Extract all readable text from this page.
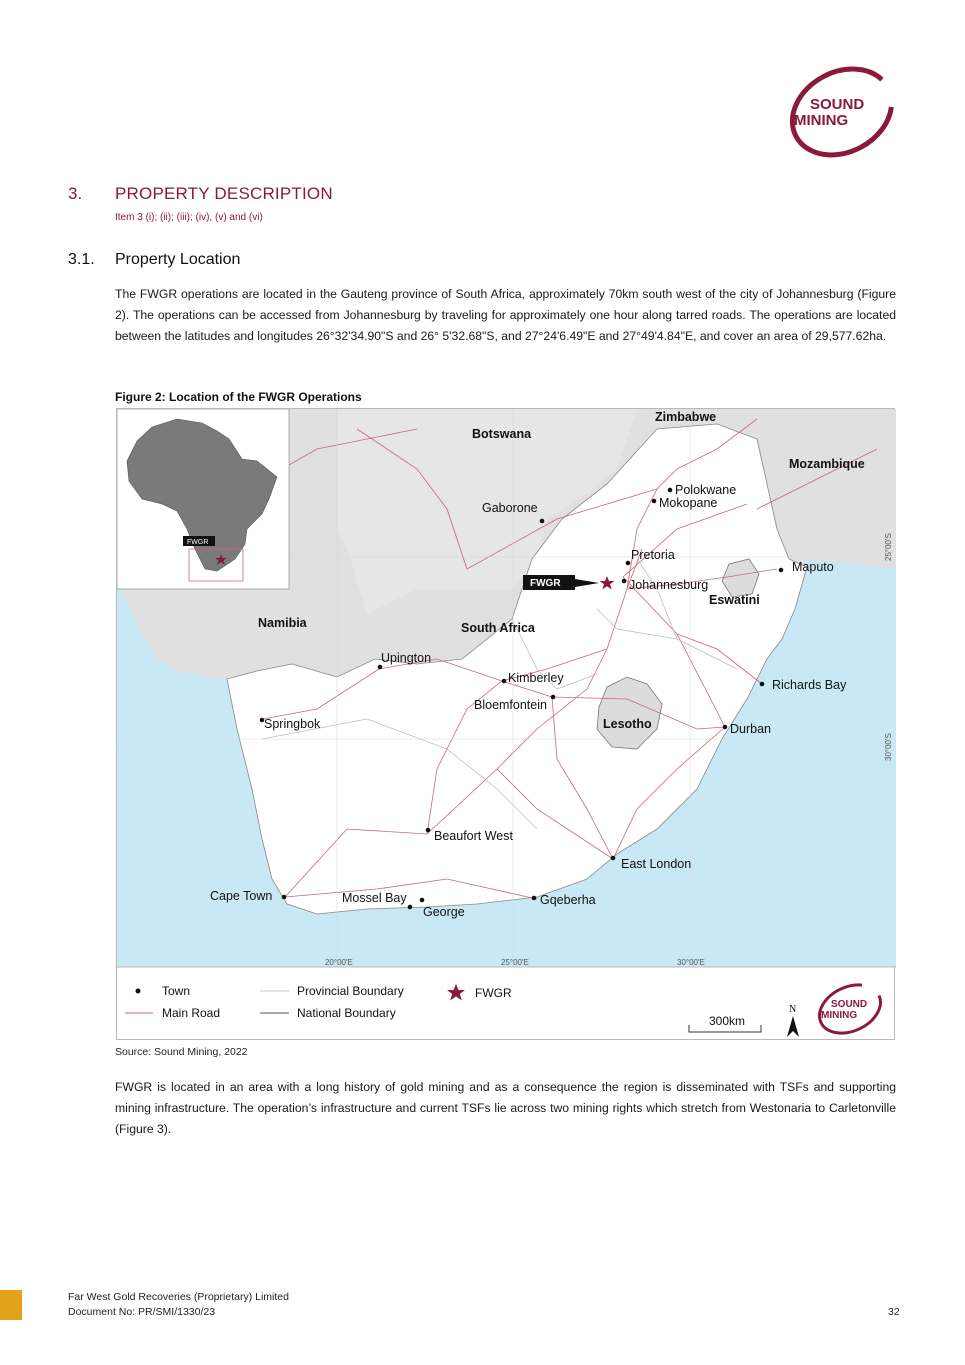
SOUND
MINING
3. PROPERTY DESCRIPTION
Item 3 (i); (ii); (iii); (iv), (v) and (vi)
3.1. Property Location
The FWGR operations are located in the Gauteng province of South Africa, approximately 70km south west of the city of Johannesburg (Figure 2). The operations can be accessed from Johannesburg by traveling for approximately one hour along tarred roads. The operations are located between the latitudes and longitudes 26°32'34.90"S and 26° 5'32.68"S, and 27°24'6.49"E and 27°49'4.84"E, and cover an area of 29,577.62ha.
Figure 2: Location of the FWGR Operations
FWGR
Botswana
Zimbabwe
Mozambique
Namibia	South Africa
Lesotho
Eswatini
Polokwane
Mokopane
Gaborone
Pretoria
Johannesburg
Maputo
Upington
Kimberley
Bloemfontein
Springbok
Richards Bay
Durban
Beaufort West
East London
Cape Town	Mossel Bay
George
Gqeberha
FWGR
20°00'E	25°00'E	30°00'E
25°00'S
30°00'S
Town
Main Road
Provincial Boundary
National Boundary
FWGR
300km
N	SOUND
MINING
Source: Sound Mining, 2022
FWGR is located in an area with a long history of gold mining and as a consequence the region is disseminated with TSFs and supporting mining infrastructure. The operation’s infrastructure and current TSFs lie across two mining rights which stretch from Westonaria to Carletonville (Figure 3).
Far West Gold Recoveries (Proprietary) Limited
Document No: PR/SMI/1330/23	32
